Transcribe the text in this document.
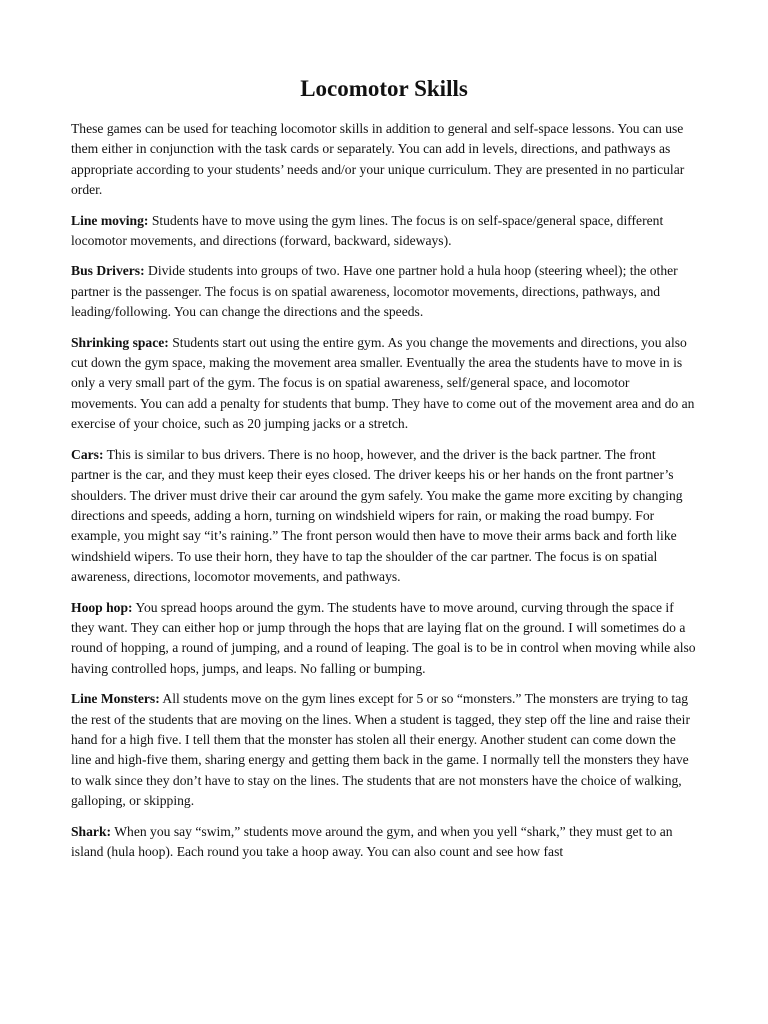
Locomotor Skills

These games can be used for teaching locomotor skills in addition to general and self-space lessons. You can use them either in conjunction with the task cards or separately. You can add in levels, directions, and pathways as appropriate according to your students’ needs and/or your unique curriculum. They are presented in no particular order.

Line moving: Students have to move using the gym lines. The focus is on self-space/general space, different locomotor movements, and directions (forward, backward, sideways).

Bus Drivers: Divide students into groups of two. Have one partner hold a hula hoop (steering wheel); the other partner is the passenger. The focus is on spatial awareness, locomotor movements, directions, pathways, and leading/following. You can change the directions and the speeds.

Shrinking space: Students start out using the entire gym. As you change the movements and directions, you also cut down the gym space, making the movement area smaller. Eventually the area the students have to move in is only a very small part of the gym. The focus is on spatial awareness, self/general space, and locomotor movements. You can add a penalty for students that bump. They have to come out of the movement area and do an exercise of your choice, such as 20 jumping jacks or a stretch.

Cars: This is similar to bus drivers. There is no hoop, however, and the driver is the back partner. The front partner is the car, and they must keep their eyes closed. The driver keeps his or her hands on the front partner’s shoulders. The driver must drive their car around the gym safely. You make the game more exciting by changing directions and speeds, adding a horn, turning on windshield wipers for rain, or making the road bumpy. For example, you might say “it’s raining.” The front person would then have to move their arms back and forth like windshield wipers. To use their horn, they have to tap the shoulder of the car partner. The focus is on spatial awareness, directions, locomotor movements, and pathways.

Hoop hop: You spread hoops around the gym. The students have to move around, curving through the space if they want. They can either hop or jump through the hops that are laying flat on the ground. I will sometimes do a round of hopping, a round of jumping, and a round of leaping. The goal is to be in control when moving while also having controlled hops, jumps, and leaps. No falling or bumping.

Line Monsters: All students move on the gym lines except for 5 or so “monsters.” The monsters are trying to tag the rest of the students that are moving on the lines. When a student is tagged, they step off the line and raise their hand for a high five. I tell them that the monster has stolen all their energy. Another student can come down the line and high-five them, sharing energy and getting them back in the game. I normally tell the monsters they have to walk since they don’t have to stay on the lines. The students that are not monsters have the choice of walking, galloping, or skipping.

Shark: When you say “swim,” students move around the gym, and when you yell “shark,” they must get to an island (hula hoop). Each round you take a hoop away. You can also count and see how fast
